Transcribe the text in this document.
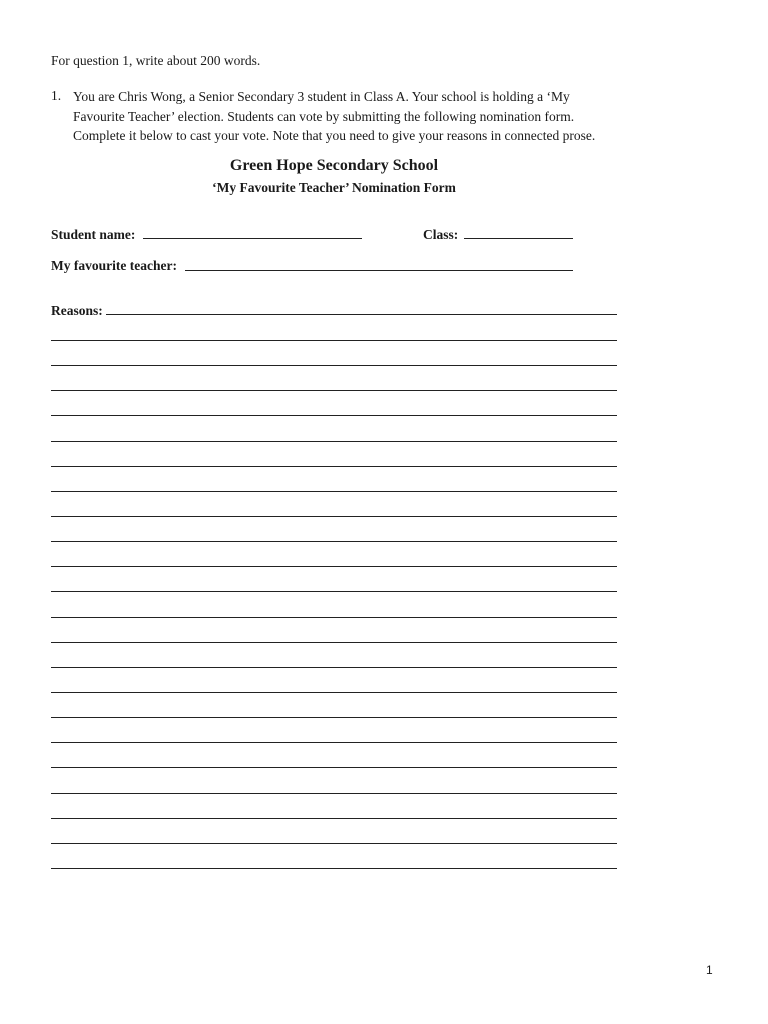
For question 1, write about 200 words.
1. You are Chris Wong, a Senior Secondary 3 student in Class A. Your school is holding a ‘My
Favourite Teacher’ election. Students can vote by submitting the following nomination form.
Complete it below to cast your vote. Note that you need to give your reasons in connected prose.
Green Hope Secondary School
‘My Favourite Teacher’ Nomination Form
Student name:	Class:
My favourite teacher:
Reasons:
1
